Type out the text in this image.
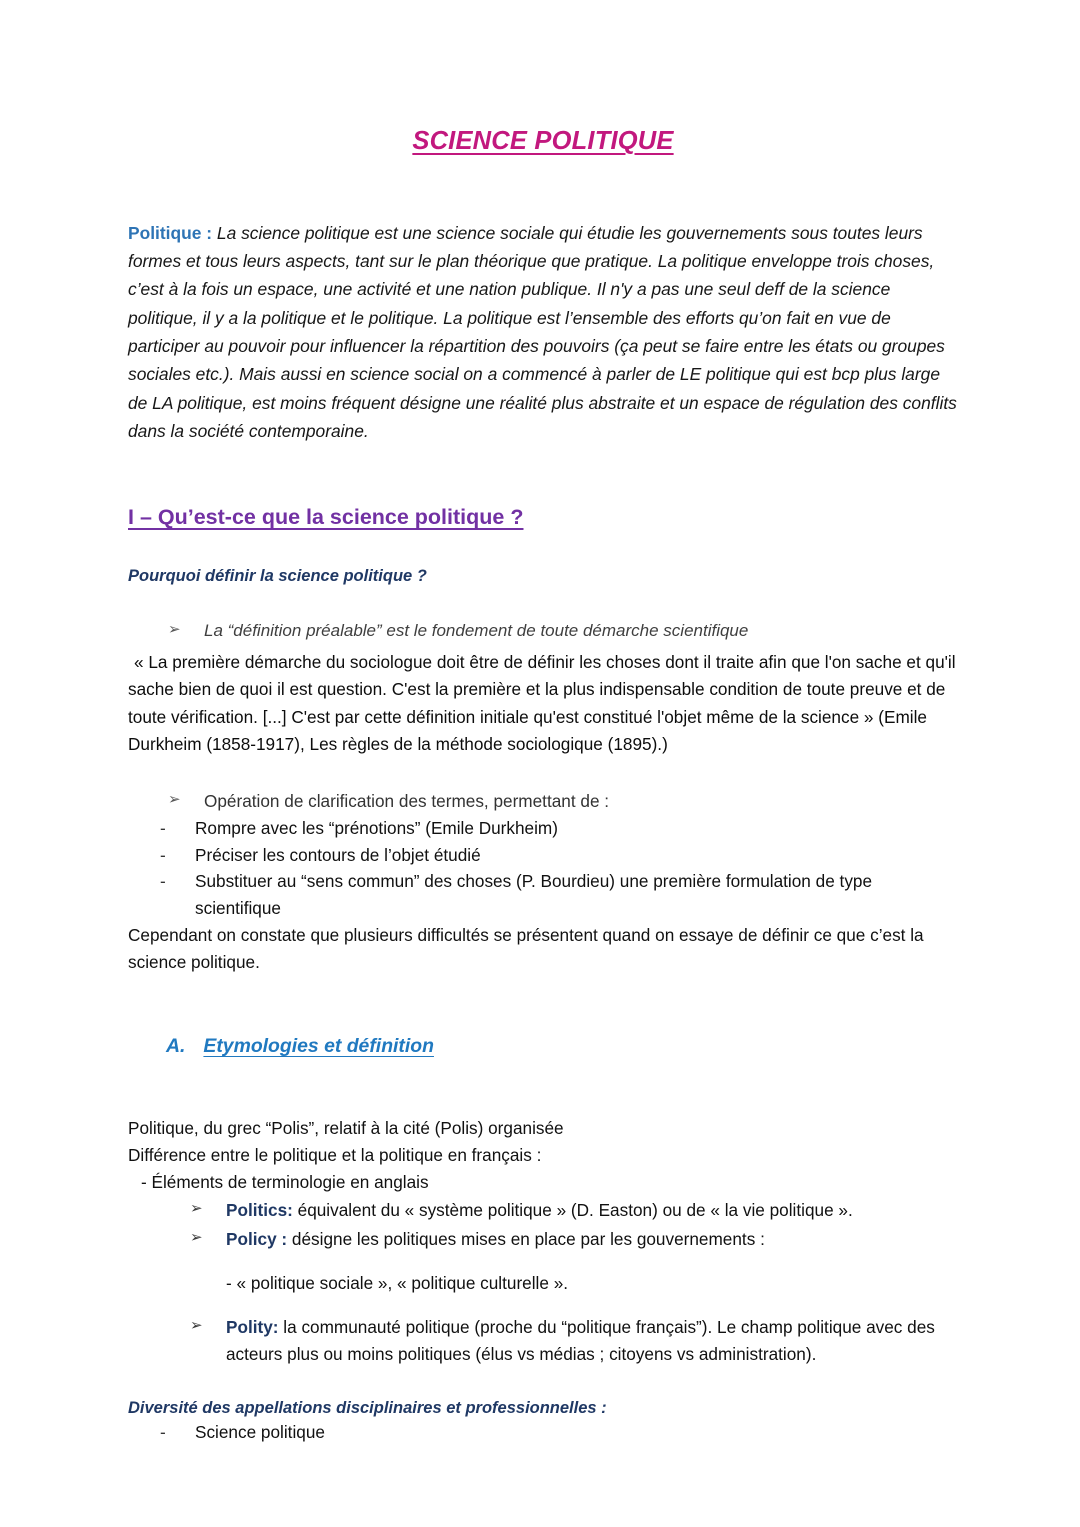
SCIENCE POLITIQUE

Politique : La science politique est une science sociale qui étudie les gouvernements sous toutes leurs formes et tous leurs aspects, tant sur le plan théorique que pratique. La politique enveloppe trois choses, c’est à la fois un espace, une activité et une nation publique. Il n'y a pas une seul deff de la science politique, il y a la politique et le politique. La politique est l’ensemble des efforts qu’on fait en vue de participer au pouvoir pour influencer la répartition des pouvoirs (ça peut se faire entre les états ou groupes sociales etc.). Mais aussi en science social on a commencé à parler de LE politique qui est bcp plus large de LA politique, est moins fréquent désigne une réalité plus abstraite et un espace de régulation des conflits dans la société contemporaine.

I – Qu’est-ce que la science politique ?
Pourquoi définir la science politique ?
➢	La “définition préalable” est le fondement de toute démarche scientifique

« La première démarche du sociologue doit être de définir les choses dont il traite afin que l'on sache et qu'il sache bien de quoi il est question. C'est la première et la plus indispensable condition de toute preuve et de toute vérification. [...] C'est par cette définition initiale qu'est constitué l'objet même de la science » (Emile Durkheim (1858-1917), Les règles de la méthode sociologique (1895).)

➢	Opération de clarification des termes, permettant de :
-	Rompre avec les “prénotions” (Emile Durkheim)
-	Préciser les contours de l’objet étudié
-	Substituer au “sens commun” des choses (P. Bourdieu) une première formulation de type scientifique

Cependant on constate que plusieurs difficultés se présentent quand on essaye de définir ce que c’est la science politique.

A. Etymologies et définition

Politique, du grec “Polis”, relatif à la cité (Polis) organisée

Différence entre le politique et la politique en français :

- Éléments de terminologie en anglais

➢	Politics: équivalent du « système politique » (D. Easton) ou de « la vie politique ».
➢	Policy : désigne les politiques mises en place par les gouvernements :

- « politique sociale », « politique culturelle ».

➢	Polity: la communauté politique (proche du “politique français”). Le champ politique avec des acteurs plus ou moins politiques (élus vs médias ; citoyens vs administration).
Diversité des appellations disciplinaires et professionnelles :
-	Science politique
